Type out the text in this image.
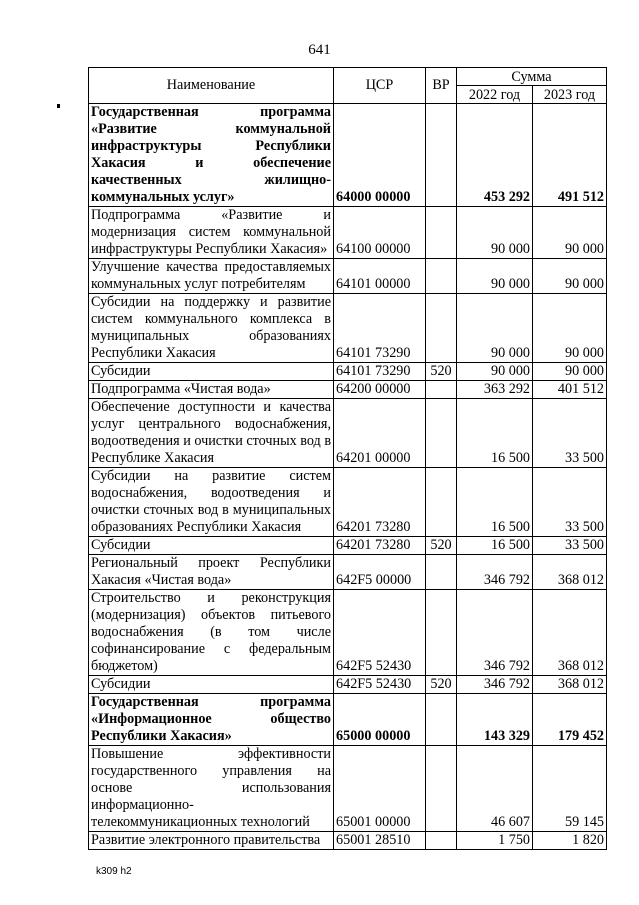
641
Наименование	ЦСР	ВР	Сумма	
			2022 год	2023 год
Государственная программа «Развитие коммунальной инфраструктуры Республики Хакасия и обеспечение качественных жилищно-коммунальных услуг»	64000 00000		453 292	491 512
Подпрограмма «Развитие и модернизация систем коммунальной инфраструктуры Республики Хакасия»	64100 00000		90 000	90 000
Улучшение качества предоставляемых коммунальных услуг потребителям	64101 00000		90 000	90 000
Субсидии на поддержку и развитие систем коммунального комплекса в муниципальных образованиях Республики Хакасия	64101 73290		90 000	90 000
Субсидии	64101 73290	520	90 000	90 000
Подпрограмма «Чистая вода»	64200 00000		363 292	401 512
Обеспечение доступности и качества услуг центрального водоснабжения, водоотведения и очистки сточных вод в Республике Хакасия	64201 00000		16 500	33 500
Субсидии на развитие систем водоснабжения, водоотведения и очистки сточных вод в муниципальных образованиях Республики Хакасия	64201 73280		16 500	33 500
Субсидии	64201 73280	520	16 500	33 500
Региональный проект Республики Хакасия «Чистая вода»	642F5 00000		346 792	368 012
Строительство и реконструкция (модернизация) объектов питьевого водоснабжения (в том числе софинансирование с федеральным бюджетом)	642F5 52430		346 792	368 012
Субсидии	642F5 52430	520	346 792	368 012
Государственная программа «Информационное общество Республики Хакасия»	65000 00000		143 329	179 452
Повышение эффективности государственного управления на основе использования информационно-телекоммуникационных технологий	65001 00000		46 607	59 145
Развитие электронного правительства	65001 28510		1 750	1 820
k309 h2
